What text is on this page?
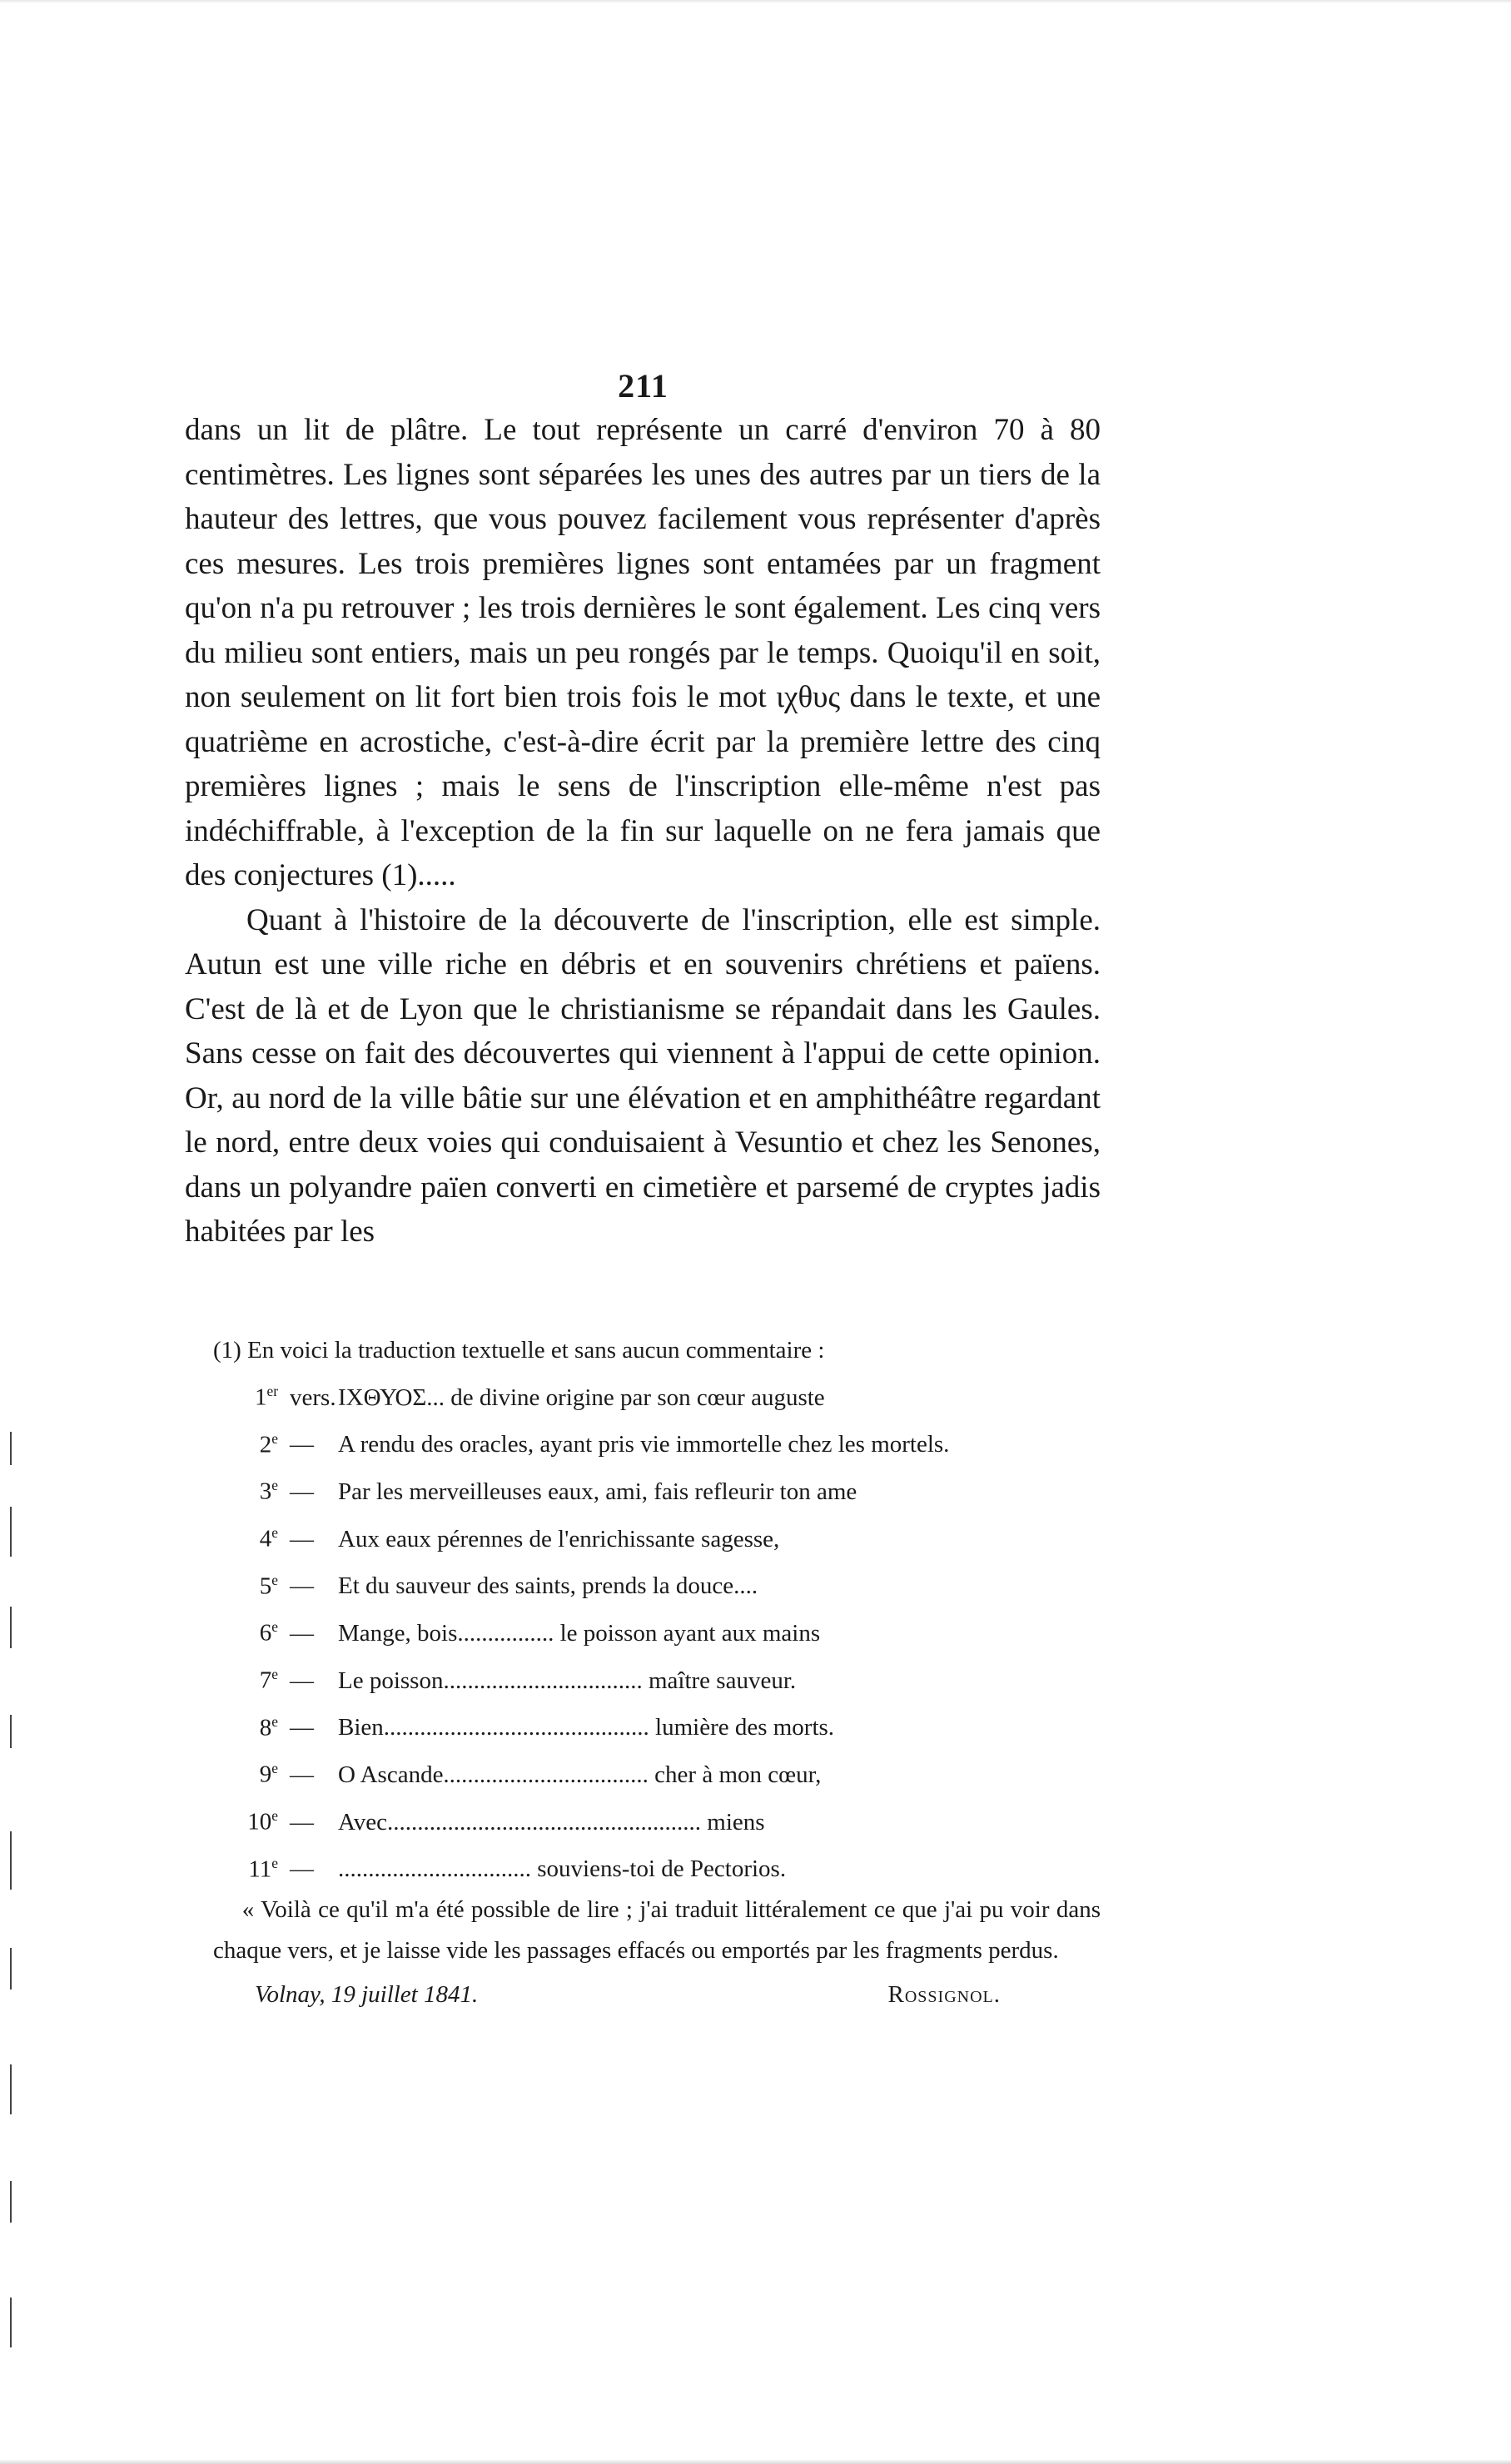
211

dans un lit de plâtre. Le tout représente un carré d'environ 70 à 80 centimètres. Les lignes sont séparées les unes des autres par un tiers de la hauteur des lettres, que vous pouvez facilement vous représenter d'après ces mesures. Les trois premières lignes sont entamées par un fragment qu'on n'a pu retrouver ; les trois dernières le sont également. Les cinq vers du milieu sont entiers, mais un peu rongés par le temps. Quoiqu'il en soit, non seulement on lit fort bien trois fois le mot ιχθυς dans le texte, et une quatrième en acrostiche, c'est-à-dire écrit par la première lettre des cinq premières lignes ; mais le sens de l'inscription elle-même n'est pas indéchiffrable, à l'exception de la fin sur laquelle on ne fera jamais que des conjectures (1).....

Quant à l'histoire de la découverte de l'inscription, elle est simple. Autun est une ville riche en débris et en souvenirs chrétiens et païens. C'est de là et de Lyon que le christianisme se répandait dans les Gaules. Sans cesse on fait des découvertes qui viennent à l'appui de cette opinion. Or, au nord de la ville bâtie sur une élévation et en amphithéâtre regardant le nord, entre deux voies qui conduisaient à Vesuntio et chez les Senones, dans un polyandre païen converti en cimetière et parsemé de cryptes jadis habitées par les

(1) En voici la traduction textuelle et sans aucun commentaire :

1er vers. ΙΧΘΥΟΣ... de divine origine par son cœur auguste
2e —	A rendu des oracles, ayant pris vie immortelle chez les mortels.
3e —	Par les merveilleuses eaux, ami, fais refleurir ton ame
4e —	Aux eaux pérennes de l'enrichissante sagesse,
5e —	Et du sauveur des saints, prends la douce....
6e —	Mange, bois................ le poisson ayant aux mains
7e —	Le poisson................................. maître sauveur.
8e —	Bien............................................ lumière des morts.
9e —	O Ascande.................................. cher à mon cœur,
10e —	Avec.................................................... miens
11e —	................................ souviens-toi de Pectorios.

« Voilà ce qu'il m'a été possible de lire ; j'ai traduit littéralement ce que j'ai pu voir dans chaque vers, et je laisse vide les passages effacés ou emportés par les fragments perdus.

Volnay, 19 juillet 1841.	Rossignol.
